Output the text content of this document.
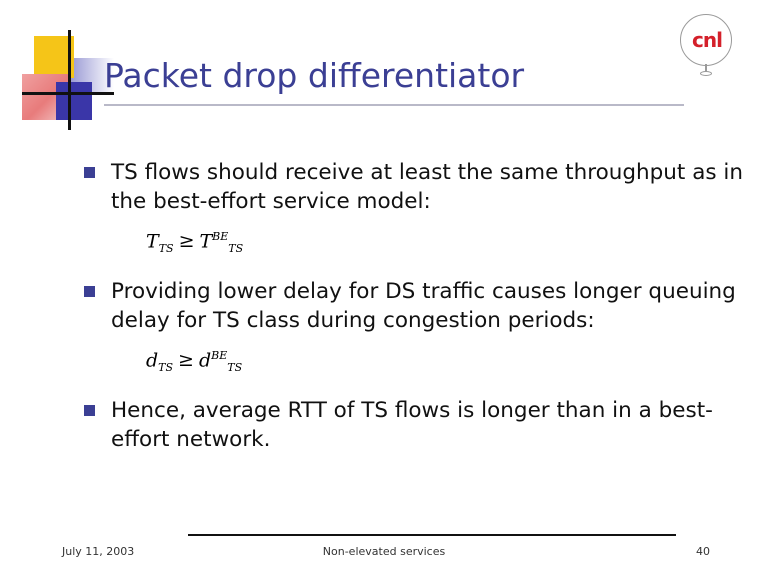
cnl
Packet drop differentiator
TS flows should receive at least the same throughput as in the best-effort service model:
$T_{TS} \ge T^{BE}_{TS}$
Providing lower delay for DS traffic causes longer queuing delay for TS class during congestion periods:
$d_{TS} \ge d^{BE}_{TS}$
Hence, average RTT of TS flows is longer than in a best-effort network.
July 11, 2003	Non-elevated services	40
